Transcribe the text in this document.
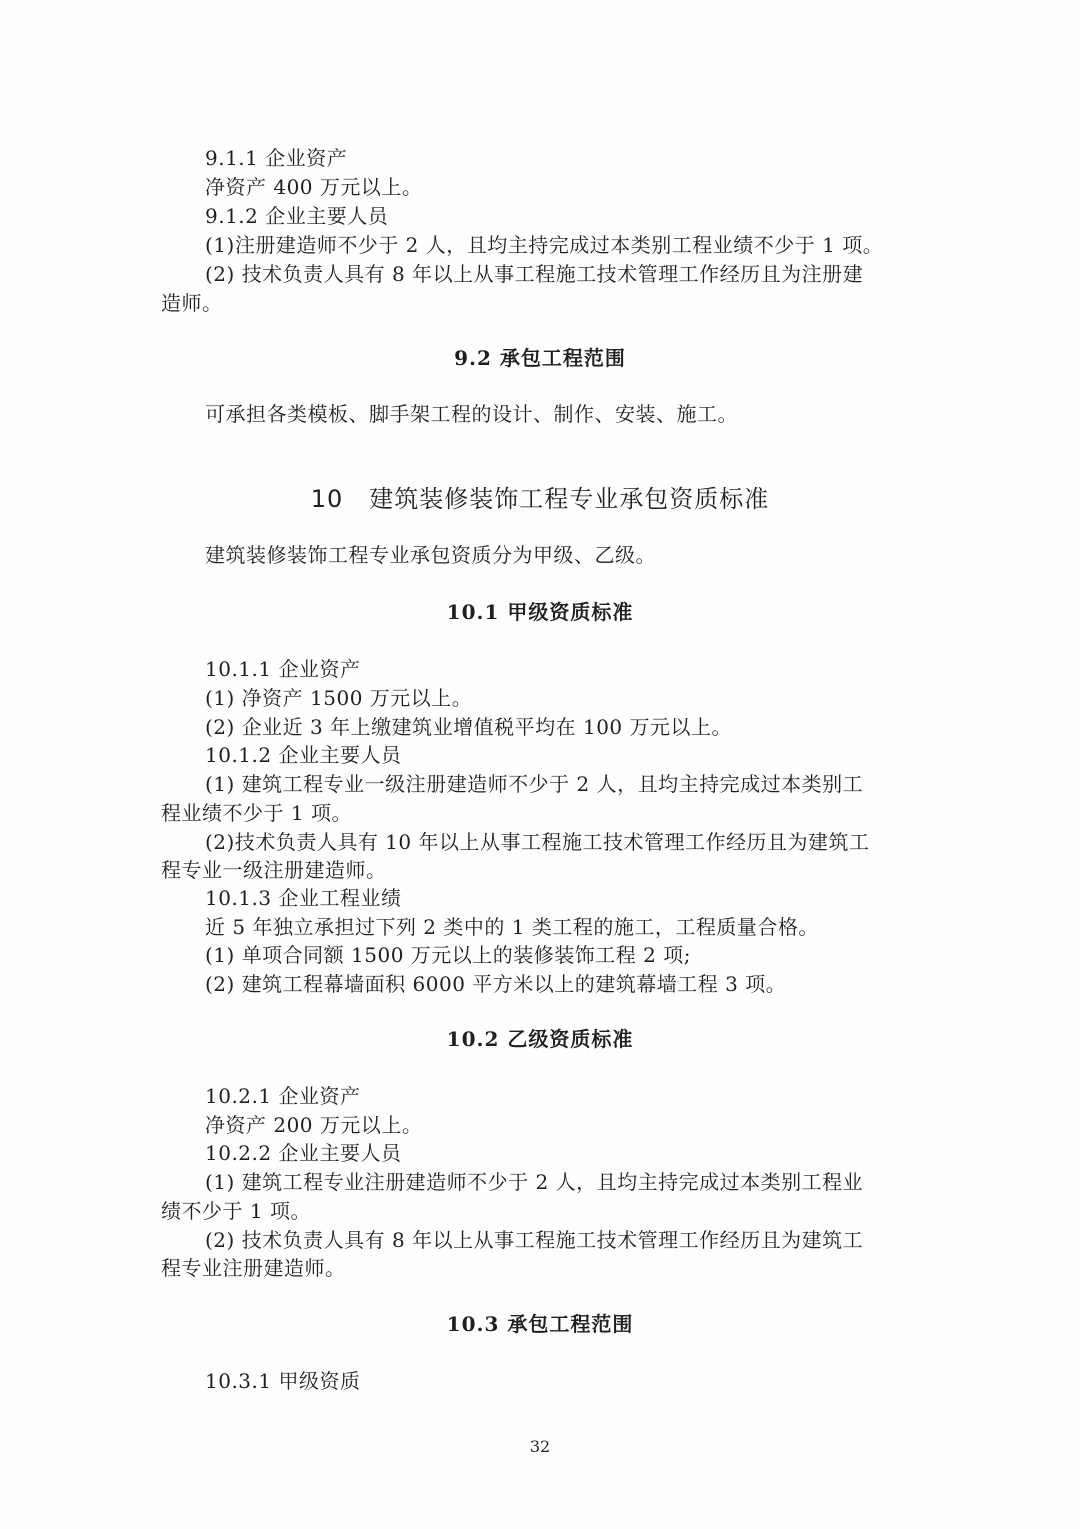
9.1.1 企业资产
净资产 400 万元以上。
9.1.2 企业主要人员
(1)注册建造师不少于 2 人，且均主持完成过本类别工程业绩不少于 1 项。
(2) 技术负责人具有 8 年以上从事工程施工技术管理工作经历且为注册建
造师。
9.2 承包工程范围
可承担各类模板、脚手架工程的设计、制作、安装、施工。
10 建筑装修装饰工程专业承包资质标准
建筑装修装饰工程专业承包资质分为甲级、乙级。
10.1 甲级资质标准
10.1.1 企业资产
(1) 净资产 1500 万元以上。
(2) 企业近 3 年上缴建筑业增值税平均在 100 万元以上。
10.1.2 企业主要人员
(1) 建筑工程专业一级注册建造师不少于 2 人，且均主持完成过本类别工
程业绩不少于 1 项。
(2)技术负责人具有 10 年以上从事工程施工技术管理工作经历且为建筑工
程专业一级注册建造师。
10.1.3 企业工程业绩
近 5 年独立承担过下列 2 类中的 1 类工程的施工，工程质量合格。
(1) 单项合同额 1500 万元以上的装修装饰工程 2 项;
(2) 建筑工程幕墙面积 6000 平方米以上的建筑幕墙工程 3 项。
10.2 乙级资质标准
10.2.1 企业资产
净资产 200 万元以上。
10.2.2 企业主要人员
(1) 建筑工程专业注册建造师不少于 2 人，且均主持完成过本类别工程业
绩不少于 1 项。
(2) 技术负责人具有 8 年以上从事工程施工技术管理工作经历且为建筑工
程专业注册建造师。
10.3 承包工程范围
10.3.1 甲级资质
32
